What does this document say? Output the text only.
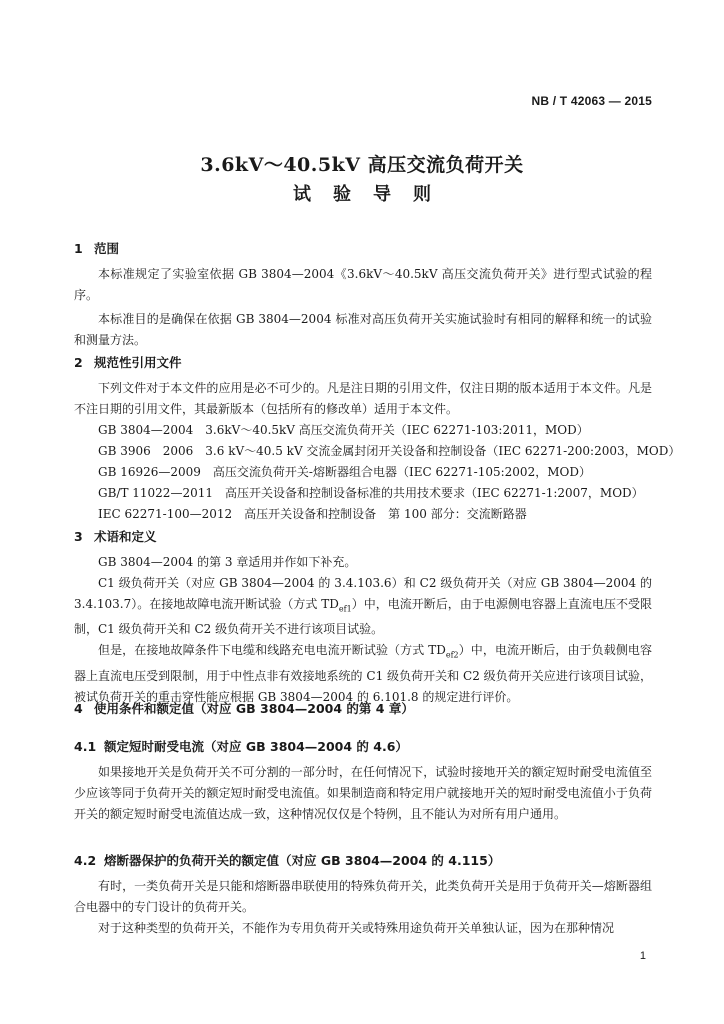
NB / T 42063 — 2015
3.6kV～40.5kV 高压交流负荷开关
试验导则
1 范围
本标准规定了实验室依据 GB 3804—2004《3.6kV～40.5kV 高压交流负荷开关》进行型式试验的程序。
本标准目的是确保在依据 GB 3804—2004 标准对高压负荷开关实施试验时有相同的解释和统一的试验和测量方法。
2 规范性引用文件
下列文件对于本文件的应用是必不可少的。凡是注日期的引用文件，仅注日期的版本适用于本文件。凡是不注日期的引用文件，其最新版本（包括所有的修改单）适用于本文件。
GB 3804—2004　3.6kV～40.5kV 高压交流负荷开关（IEC 62271-103:2011，MOD）
GB 3906　2006　3.6 kV～40.5 kV 交流金属封闭开关设备和控制设备（IEC 62271-200:2003，MOD）
GB 16926—2009　高压交流负荷开关-熔断器组合电器（IEC 62271-105:2002，MOD）
GB/T 11022—2011　高压开关设备和控制设备标准的共用技术要求（IEC 62271-1:2007，MOD）
IEC 62271-100—2012　高压开关设备和控制设备　第 100 部分：交流断路器
3 术语和定义
GB 3804—2004 的第 3 章适用并作如下补充。
C1 级负荷开关（对应 GB 3804—2004 的 3.4.103.6）和 C2 级负荷开关（对应 GB 3804—2004 的 3.4.103.7）。在接地故障电流开断试验（方式 $TD_{ef1}$）中，电流开断后，由于电源侧电容器上直流电压不受限制，C1 级负荷开关和 C2 级负荷开关不进行该项目试验。
但是，在接地故障条件下电缆和线路充电电流开断试验（方式 $TD_{ef2}$）中，电流开断后，由于负载侧电容器上直流电压受到限制，用于中性点非有效接地系统的 C1 级负荷开关和 C2 级负荷开关应进行该项目试验，被试负荷开关的重击穿性能应根据 GB 3804—2004 的 6.101.8 的规定进行评价。
4 使用条件和额定值（对应 GB 3804—2004 的第 4 章）
4.1 额定短时耐受电流（对应 GB 3804—2004 的 4.6）
如果接地开关是负荷开关不可分割的一部分时，在任何情况下，试验时接地开关的额定短时耐受电流值至少应该等同于负荷开关的额定短时耐受电流值。如果制造商和特定用户就接地开关的短时耐受电流值小于负荷开关的额定短时耐受电流值达成一致，这种情况仅仅是个特例，且不能认为对所有用户通用。
4.2 熔断器保护的负荷开关的额定值（对应 GB 3804—2004 的 4.115）
有时，一类负荷开关是只能和熔断器串联使用的特殊负荷开关，此类负荷开关是用于负荷开关—熔断器组合电器中的专门设计的负荷开关。
对于这种类型的负荷开关，不能作为专用负荷开关或特殊用途负荷开关单独认证，因为在那种情况
1
